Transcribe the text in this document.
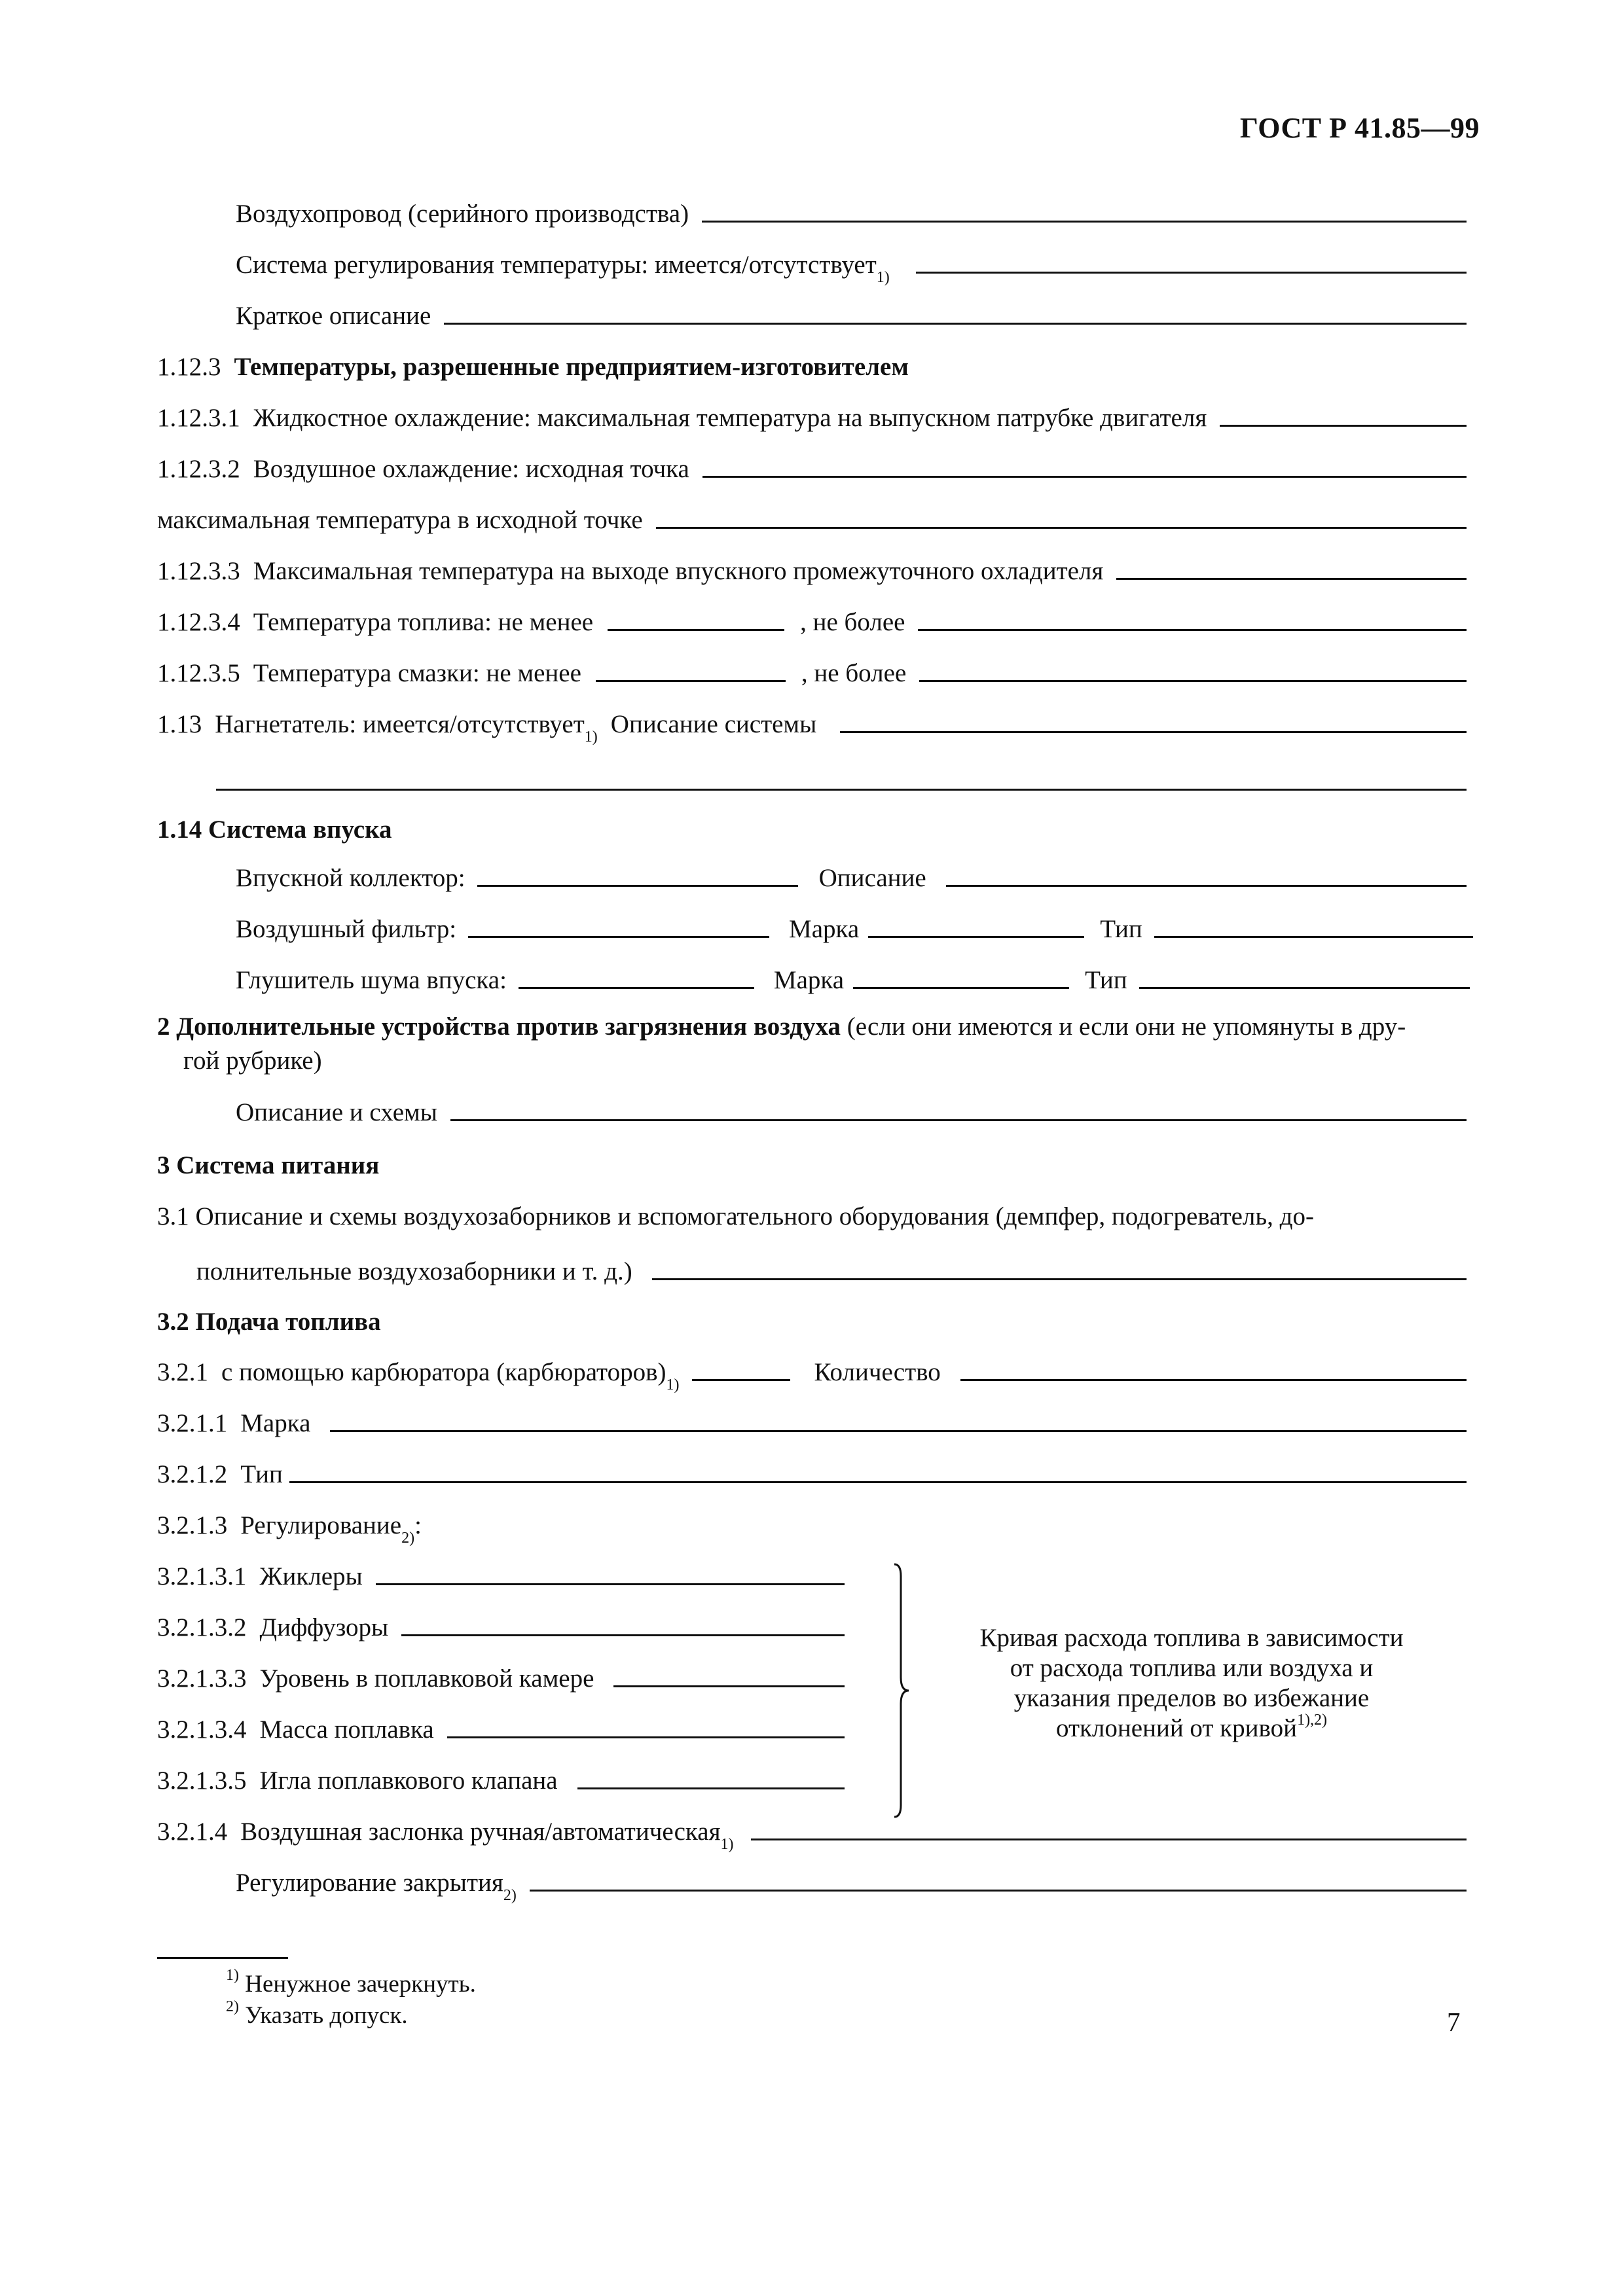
ГОСТ Р 41.85—99
Воздухопровод (серийного производства)
Система регулирования температуры: имеется/отсутствует 1)
Краткое описание
1.12.3 Температуры, разрешенные предприятием-изготовителем
1.12.3.1 Жидкостное охлаждение: максимальная температура на выпускном патрубке двигателя
1.12.3.2 Воздушное охлаждение: исходная точка
максимальная температура в исходной точке
1.12.3.3 Максимальная температура на выходе впускного промежуточного охладителя
1.12.3.4 Температура топлива: не менее	, не более
1.12.3.5 Температура смазки: не менее	, не более
1.13 Нагнетатель: имеется/отсутствует 1) Описание системы
1.14 Система впуска
Впускной коллектор:	Описание
Воздушный фильтр:	Марка	Тип
Глушитель шума впуска:	Марка	Тип
2 Дополнительные устройства против загрязнения воздуха (если они имеются и если они не упомянуты в дру-
гой рубрике)
Описание и схемы
3 Система питания
3.1 Описание и схемы воздухозаборников и вспомогательного оборудования (демпфер, подогреватель, до-
полнительные воздухозаборники и т. д.)
3.2 Подача топлива
3.2.1 с помощью карбюратора (карбюраторов) 1)	Количество
3.2.1.1 Марка
3.2.1.2 Тип
3.2.1.3 Регулирование 2) :
3.2.1.3.1 Жиклеры
3.2.1.3.2 Диффузоры
3.2.1.3.3 Уровень в поплавковой камере
3.2.1.3.4 Масса поплавка
3.2.1.3.5 Игла поплавкового клапана
Кривая расхода топлива в зависимости
от расхода топлива или воздуха и
указания пределов во избежание
отклонений от кривой$^{1),2)}$
3.2.1.4 Воздушная заслонка ручная/автоматическая 1)
Регулирование закрытия 2)
$^{1)}$ Ненужное зачеркнуть.
$^{2)}$ Указать допуск.	7
